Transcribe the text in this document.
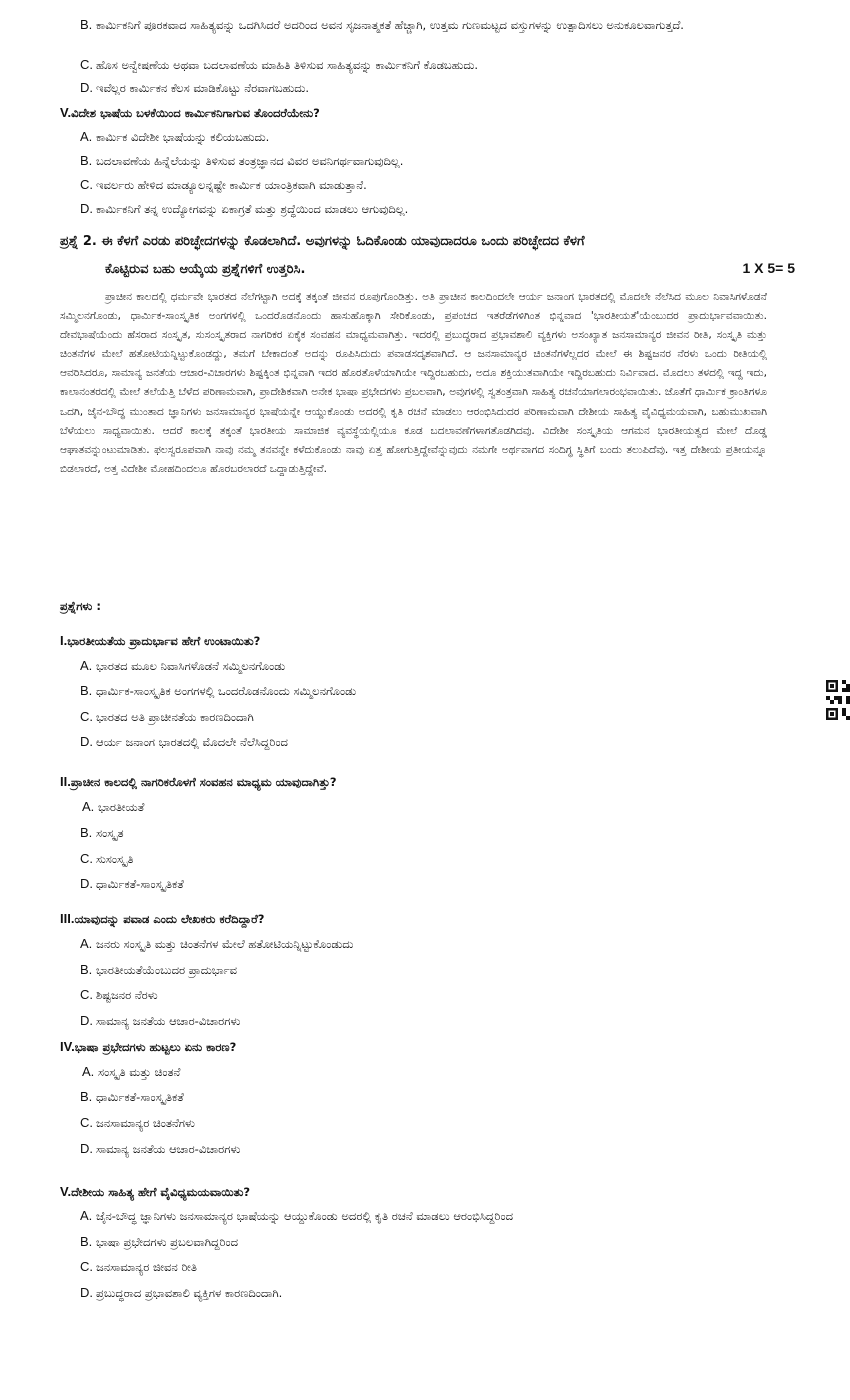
B. ಕಾರ್ಮಿಕನಿಗೆ ಪೂರಕವಾದ ಸಾಹಿತ್ಯವನ್ನು ಒದಗಿಸಿದರೆ ಅದರಿಂದ ಅವನ ಸೃಜನಾತ್ಮಕತೆ ಹೆಚ್ಚಾಗಿ, ಉತ್ತಮ ಗುಣಮಟ್ಟದ ವಸ್ತುಗಳನ್ನು ಉತ್ಪಾದಿಸಲು ಅನುಕೂಲವಾಗುತ್ತದೆ.
C. ಹೊಸ ಅನ್ವೇಷಣೆಯ ಅಥವಾ ಬದಲಾವಣೆಯ ಮಾಹಿತಿ ತಿಳಿಸುವ ಸಾಹಿತ್ಯವನ್ನು ಕಾರ್ಮಿಕನಿಗೆ ಕೊಡಬಹುದು.
D. ಇವೆಲ್ಲರ ಕಾರ್ಮಿಕನ ಕೆಲಸ ಮಾಡಿಕೊಟ್ಟು ನೆರವಾಗಬಹುದು.
V.ವಿದೇಶ ಭಾಷೆಯ ಬಳಕೆಯಿಂದ ಕಾರ್ಮಿಕನಿಗಾಗುವ ತೊಂದರೆಯೇನು?
A. ಕಾರ್ಮಿಕ ವಿದೇಶೀ ಭಾಷೆಯನ್ನು ಕಲಿಯಬಹುದು.
B. ಬದಲಾವಣೆಯ ಹಿನ್ನೆಲೆಯನ್ನು ತಿಳಿಸುವ ತಂತ್ರಜ್ಞಾನದ ವಿವರ ಅವನಿಗರ್ಥವಾಗುವುದಿಲ್ಲ.
C. ಇವರ್ಲರು ಹೇಳಿದ ಮಾಡ್ಯೂಲನ್ನಷ್ಟೇ ಕಾರ್ಮಿಕ ಯಾಂತ್ರಿಕವಾಗಿ ಮಾಡುತ್ತಾನೆ.
D. ಕಾರ್ಮಿಕನಿಗೆ ತನ್ನ ಉದ್ಯೋಗವನ್ನು ಏಕಾಗ್ರತೆ ಮತ್ತು ಶ್ರದ್ಧೆಯಿಂದ ಮಾಡಲು ಆಗುವುದಿಲ್ಲ.
ಪ್ರಶ್ನೆ 2. ಈ ಕೆಳಗೆ ಎರಡು ಪರಿಚ್ಛೇದಗಳನ್ನು ಕೊಡಲಾಗಿದೆ. ಅವುಗಳನ್ನು ಓದಿಕೊಂಡು ಯಾವುದಾದರೂ ಒಂದು ಪರಿಚ್ಛೇದದ ಕೆಳಗೆ
ಕೊಟ್ಟಿರುವ ಬಹು ಆಯ್ಕೆಯ ಪ್ರಶ್ನೆಗಳಿಗೆ ಉತ್ತರಿಸಿ.	1 X 5= 5
ಪ್ರಾಚೀನ ಕಾಲದಲ್ಲಿ ಧರ್ಮವೇ ಭಾರತದ ನೆಲೆಗಟ್ಟಾಗಿ ಅದಕ್ಕೆ ತಕ್ಕಂತೆ ಜೀವನ ರೂಪುಗೊಂಡಿತ್ತು. ಅತಿ ಪ್ರಾಚೀನ ಕಾಲದಿಂದಲೇ ಆರ್ಯ ಜನಾಂಗ ಭಾರತದಲ್ಲಿ ಮೊದಲೇ ನೆಲೆಸಿದ ಮೂಲ ನಿವಾಸಿಗಳೊಡನೆ ಸಮ್ಮಿಲನಗೊಂಡು, ಧಾರ್ಮಿಕ-ಸಾಂಸ್ಕೃತಿಕ ಅಂಗಗಳಲ್ಲಿ ಒಂದರೊಡನೊಂದು ಹಾಸುಹೊಕ್ಕಾಗಿ ಸೇರಿಕೊಂಡು, ಪ್ರಪಂಚದ ಇತರೆಡೆಗಳಿಗಿಂತ ಭಿನ್ನವಾದ 'ಭಾರತೀಯತೆ'ಯೆಂಬುದರ ಪ್ರಾದುರ್ಭಾವವಾಯಿತು. ದೇವಭಾಷೆಯೆಂದು ಹೆಸರಾದ ಸಂಸ್ಕೃತ, ಸುಸಂಸ್ಕೃತರಾದ ನಾಗರಿಕರ ಏಕೈಕ ಸಂವಹನ ಮಾಧ್ಯಮವಾಗಿತ್ತು. ಇದರಲ್ಲಿ ಪ್ರಬುದ್ಧರಾದ ಪ್ರಭಾವಶಾಲಿ ವ್ಯಕ್ತಿಗಳು ಅಸಂಖ್ಯಾತ ಜನಸಾಮಾನ್ಯರ ಜೀವನ ರೀತಿ, ಸಂಸ್ಕೃತಿ ಮತ್ತು ಚಿಂತನೆಗಳ ಮೇಲೆ ಹತೋಟಿಯನ್ನಿಟ್ಟುಕೊಂಡದ್ದು, ತಮಗೆ ಬೇಕಾದಂತೆ ಅದನ್ನು ರೂಪಿಸಿದುದು ಪವಾಡಸದೃಶವಾಗಿದೆ. ಆ ಜನಸಾಮಾನ್ಯರ ಚಿಂತನೆಗಳೆಲ್ಲದರ ಮೇಲೆ ಈ ಶಿಷ್ಟಜನರ ನೆರಳು ಒಂದು ರೀತಿಯಲ್ಲಿ ಆವರಿಸಿದರೂ, ಸಾಮಾನ್ಯ ಜನತೆಯ ಆಚಾರ-ವಿಚಾರಗಳು ಶಿಷ್ಟಕ್ಕಿಂತ ಭಿನ್ನವಾಗಿ ಇದರ ಹೊರತೊಳೆಯಾಗಿಯೇ ಇದ್ದಿರಬಹುದು, ಅದೂ ಶಕ್ತಿಯುತವಾಗಿಯೇ ಇದ್ದಿರಬಹುದು ನಿರ್ವಿವಾದ. ಮೊದಲು ತಳದಲ್ಲಿ ಇದ್ದ ಇದು, ಕಾಲಾನಂತರದಲ್ಲಿ ಮೇಲೆ ತಲೆಯೆತ್ತಿ ಬೆಳೆದ ಪರಿಣಾಮವಾಗಿ, ಪ್ರಾದೇಶಿಕವಾಗಿ ಅನೇಕ ಭಾಷಾ ಪ್ರಭೇದಗಳು ಪ್ರಬಲವಾಗಿ, ಅವುಗಳಲ್ಲಿ ಸ್ವತಂತ್ರವಾಗಿ ಸಾಹಿತ್ಯ ರಚನೆಯಾಗಲಾರಂಭವಾಯಿತು. ಜೊತೆಗೆ ಧಾರ್ಮಿಕ ಕ್ರಾಂತಿಗಳೂ ಒದಗಿ, ಜೈನ-ಬೌದ್ಧ ಮುಂತಾದ ಜ್ಞಾನಿಗಳು ಜನಸಾಮಾನ್ಯರ ಭಾಷೆಯನ್ನೇ ಆಯ್ದುಕೊಂಡು ಅದರಲ್ಲಿ ಕೃತಿ ರಚನೆ ಮಾಡಲು ಆರಂಭಿಸಿದುದರ ಪರಿಣಾಮವಾಗಿ ದೇಶೀಯ ಸಾಹಿತ್ಯ ವೈವಿಧ್ಯಮಯವಾಗಿ, ಬಹುಮುಖವಾಗಿ ಬೆಳೆಯಲು ಸಾಧ್ಯವಾಯಿತು. ಆದರೆ ಕಾಲಕ್ಕೆ ತಕ್ಕಂತೆ ಭಾರತೀಯ ಸಾಮಾಜಿಕ ವ್ಯವಸ್ಥೆಯಲ್ಲಿಯೂ ಕೂಡ ಬದಲಾವಣೆಗಳಾಗತೊಡಗಿದವು. ವಿದೇಶೀ ಸಂಸ್ಕೃತಿಯ ಆಗಮನ ಭಾರತೀಯತ್ವದ ಮೇಲೆ ದೊಡ್ಡ ಆಘಾತವನ್ನುಂಟುಮಾಡಿತು. ಫಲಸ್ವರೂಪವಾಗಿ ನಾವು ನಮ್ಮ ತನವನ್ನೇ ಕಳೆದುಕೊಂಡು ನಾವು ಏತ್ತ ಹೋಗುತ್ತಿದ್ದೇವೆನ್ನುವುದು ನಮಗೇ ಅರ್ಥವಾಗದ ಸಂದಿಗ್ಧ ಸ್ಥಿತಿಗೆ ಬಂದು ತಲುಪಿದೆವು. ಇತ್ತ ದೇಶೀಯ ಪ್ರತೀಯನ್ನೂ ಬಿಡಲಾರದೆ, ಅತ್ತ ವಿದೇಶೀ ಮೋಹದಿಂದಲೂ ಹೊರಬರಲಾರದೆ ಒದ್ದಾಡುತ್ತಿದ್ದೇವೆ.
ಪ್ರಶ್ನೆಗಳು :
I.ಭಾರತೀಯತೆಯ ಪ್ರಾದುರ್ಭಾವ ಹೇಗೆ ಉಂಟಾಯಿತು?
A. ಭಾರತದ ಮೂಲ ನಿವಾಸಿಗಳೊಡನೆ ಸಮ್ಮಿಲನಗೊಂಡು
B. ಧಾರ್ಮಿಕ-ಸಾಂಸ್ಕೃತಿಕ ಅಂಗಗಳಲ್ಲಿ ಒಂದರೊಡನೊಂದು ಸಮ್ಮಿಲನಗೊಂಡು
C. ಭಾರತದ ಅತಿ ಪ್ರಾಚೀನತೆಯ ಕಾರಣದಿಂದಾಗಿ
D. ಆರ್ಯ ಜನಾಂಗ ಭಾರತದಲ್ಲಿ ಮೊದಲೇ ನೆಲೆಸಿದ್ದರಿಂದ
II.ಪ್ರಾಚೀನ ಕಾಲದಲ್ಲಿ ನಾಗರಿಕರೊಳಗೆ ಸಂವಹನ ಮಾಧ್ಯಮ ಯಾವುದಾಗಿತ್ತು?
A. ಭಾರತೀಯತೆ
B. ಸಂಸ್ಕೃತ
C. ಸುಸಂಸ್ಕೃತಿ
D. ಧಾರ್ಮಿಕತೆ-ಸಾಂಸ್ಕೃತಿಕತೆ
III.ಯಾವುದನ್ನು ಪವಾಡ ಎಂದು ಲೇಖಕರು ಕರೆದಿದ್ದಾರೆ?
A. ಜನರು ಸಂಸ್ಕೃತಿ ಮತ್ತು ಚಿಂತನೆಗಳ ಮೇಲೆ ಹತೋಟಿಯನ್ನಿಟ್ಟುಕೊಂಡುದು
B. ಭಾರತೀಯತೆಯೆಂಬುದರ ಪ್ರಾದುರ್ಭಾವ
C. ಶಿಷ್ಟಜನರ ನೆರಳು
D. ಸಾಮಾನ್ಯ ಜನತೆಯ ಆಚಾರ-ವಿಚಾರಗಳು
IV.ಭಾಷಾ ಪ್ರಭೇದಗಳು ಹುಟ್ಟಲು ಏನು ಕಾರಣ?
A. ಸಂಸ್ಕೃತಿ ಮತ್ತು ಚಿಂತನೆ
B. ಧಾರ್ಮಿಕತೆ-ಸಾಂಸ್ಕೃತಿಕತೆ
C. ಜನಸಾಮಾನ್ಯರ ಚಿಂತನೆಗಳು
D. ಸಾಮಾನ್ಯ ಜನತೆಯ ಆಚಾರ-ವಿಚಾರಗಳು
V.ದೇಶೀಯ ಸಾಹಿತ್ಯ ಹೇಗೆ ವೈವಿಧ್ಯಮಯವಾಯಿತು?
A. ಜೈನ-ಬೌದ್ಧ ಜ್ಞಾನಿಗಳು ಜನಸಾಮಾನ್ಯರ ಭಾಷೆಯನ್ನು ಆಯ್ದುಕೊಂಡು ಅದರಲ್ಲಿ ಕೃತಿ ರಚನೆ ಮಾಡಲು ಆರಂಭಿಸಿದ್ದರಿಂದ
B. ಭಾಷಾ ಪ್ರಭೇದಗಳು ಪ್ರಬಲವಾಗಿದ್ದರಿಂದ
C. ಜನಸಾಮಾನ್ಯರ ಜೀವನ ರೀತಿ
D. ಪ್ರಬುದ್ಧರಾದ ಪ್ರಭಾವಶಾಲಿ ವ್ಯಕ್ತಿಗಳ ಕಾರಣದಿಂದಾಗಿ.
